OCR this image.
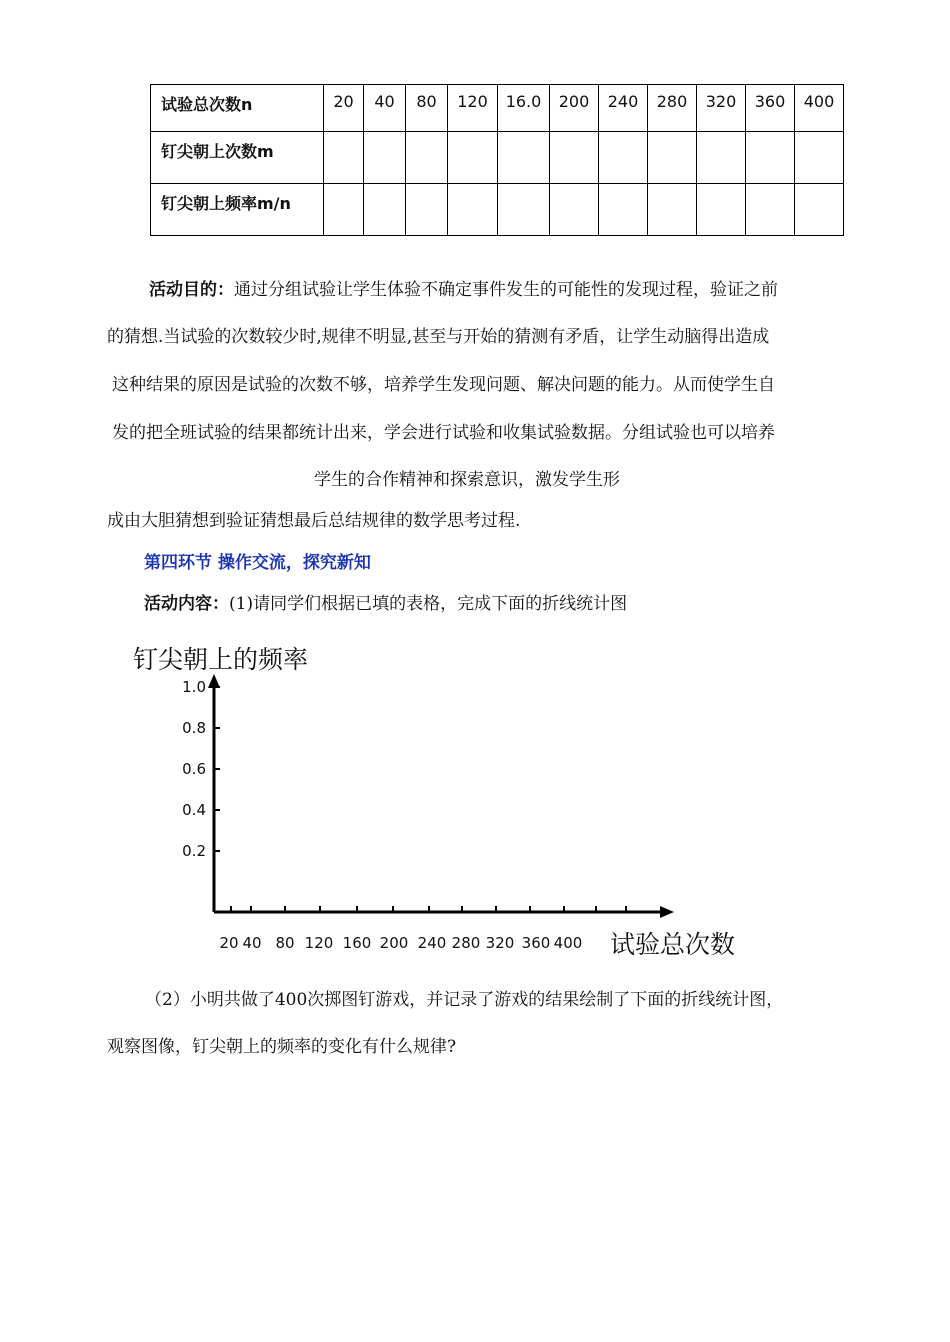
试验总次数n	20	40	80	120	16.0	200	240	280	320	360	400
钉尖朝上次数m											
钉尖朝上频率m/n											
活动目的：通过分组试验让学生体验不确定事件发生的可能性的发现过程，验证之前
的猜想.当试验的次数较少时,规律不明显,甚至与开始的猜测有矛盾，让学生动脑得出造成
这种结果的原因是试验的次数不够，培养学生发现问题、解决问题的能力。从而使学生自
发的把全班试验的结果都统计出来，学会进行试验和收集试验数据。分组试验也可以培养
学生的合作精神和探索意识，激发学生形
成由大胆猜想到验证猜想最后总结规律的数学思考过程.
第四环节 操作交流，探究新知
活动内容：(1)请同学们根据已填的表格，完成下面的折线统计图
钉尖朝上的频率
试验总次数
1.0
0.8
0.6
0.4
0.2
20 40 80 120 160 200 240 280 320 360 400
（2）小明共做了400次掷图钉游戏，并记录了游戏的结果绘制了下面的折线统计图，
观察图像，钉尖朝上的频率的变化有什么规律?
